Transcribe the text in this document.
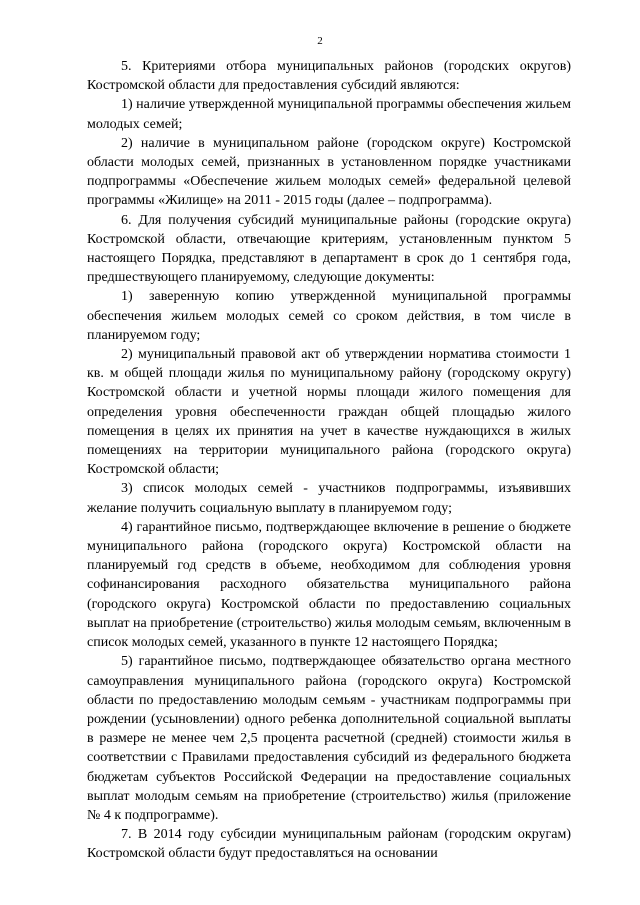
2

5. Критериями отбора муниципальных районов (городских округов) Костромской области для предоставления субсидий являются:

1) наличие утвержденной муниципальной программы обеспечения жильем молодых семей;

2) наличие в муниципальном районе (городском округе) Костромской области молодых семей, признанных в установленном порядке участниками подпрограммы «Обеспечение жильем молодых семей» федеральной целевой программы «Жилище» на 2011 - 2015 годы (далее – подпрограмма).

6. Для получения субсидий муниципальные районы (городские округа) Костромской области, отвечающие критериям, установленным пунктом 5 настоящего Порядка, представляют в департамент в срок до 1 сентября года, предшествующего планируемому, следующие документы:

1) заверенную копию утвержденной муниципальной программы обеспечения жильем молодых семей со сроком действия, в том числе в планируемом году;

2) муниципальный правовой акт об утверждении норматива стоимости 1 кв. м общей площади жилья по муниципальному району (городскому округу) Костромской области и учетной нормы площади жилого помещения для определения уровня обеспеченности граждан общей площадью жилого помещения в целях их принятия на учет в качестве нуждающихся в жилых помещениях на территории муниципального района (городского округа) Костромской области;

3) список молодых семей - участников подпрограммы, изъявивших желание получить социальную выплату в планируемом году;

4) гарантийное письмо, подтверждающее включение в решение о бюджете муниципального района (городского округа) Костромской области на планируемый год средств в объеме, необходимом для соблюдения уровня софинансирования расходного обязательства муниципального района (городского округа) Костромской области по предоставлению социальных выплат на приобретение (строительство) жилья молодым семьям, включенным в список молодых семей, указанного в пункте 12 настоящего Порядка;

5) гарантийное письмо, подтверждающее обязательство органа местного самоуправления муниципального района (городского округа) Костромской области по предоставлению молодым семьям - участникам подпрограммы при рождении (усыновлении) одного ребенка дополнительной социальной выплаты в размере не менее чем 2,5 процента расчетной (средней) стоимости жилья в соответствии с Правилами предоставления субсидий из федерального бюджета бюджетам субъектов Российской Федерации на предоставление социальных выплат молодым семьям на приобретение (строительство) жилья (приложение № 4 к подпрограмме).

7. В 2014 году субсидии муниципальным районам (городским округам) Костромской области будут предоставляться на основании
